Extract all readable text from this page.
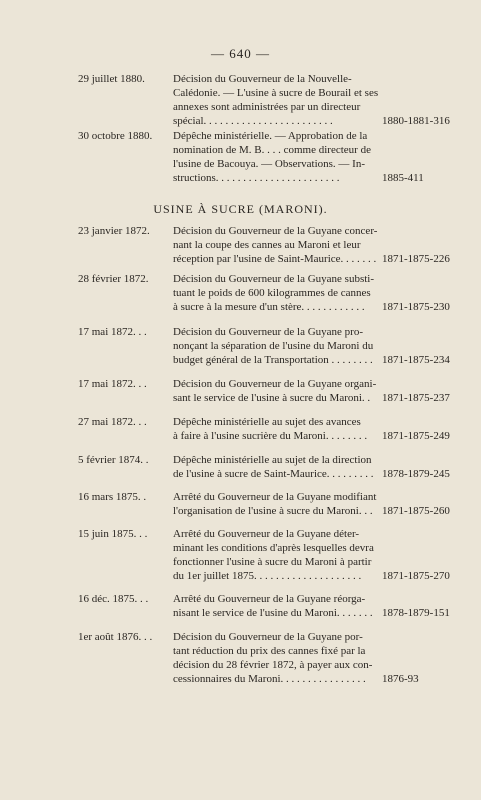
— 640 —
29 juillet 1880.	Décision du Gouverneur de la Nouvelle-
Calédonie. — L'usine à sucre de Bourail et ses
annexes sont administrées par un directeur
spécial. . . . . . . . . . . . . . . . . . . . . . . .	1880-1881-316
30 octobre 1880.	Dépêche ministérielle. — Approbation de la
nomination de M. B. . . . comme directeur de
l'usine de Bacouya. — Observations. — In-
structions. . . . . . . . . . . . . . . . . . . . . . .	1885-411
USINE À SUCRE (MARONI).
23 janvier 1872.	Décision du Gouverneur de la Guyane concer-
nant la coupe des cannes au Maroni et leur
réception par l'usine de Saint-Maurice. . . . . . . 1871-1875-226
28 février 1872.	Décision du Gouverneur de la Guyane substi-
tuant le poids de 600 kilogrammes de cannes
à sucre à la mesure d'un stère. . . . . . . . . . . .	1871-1875-230
17 mai 1872. . .	Décision du Gouverneur de la Guyane pro-
nonçant la séparation de l'usine du Maroni du
budget général de la Transportation . . . . . . . . 1871-1875-234
17 mai 1872. . .	Décision du Gouverneur de la Guyane organi-
sant le service de l'usine à sucre du Maroni. .	1871-1875-237
27 mai 1872. . .	Dépêche ministérielle au sujet des avances
à faire à l'usine sucrière du Maroni. . . . . . . .	1871-1875-249
5 février 1874. .	Dépêche ministérielle au sujet de la direction
de l'usine à sucre de Saint-Maurice. . . . . . . . . 1878-1879-245
16 mars 1875. .	Arrêté du Gouverneur de la Guyane modifiant
l'organisation de l'usine à sucre du Maroni. . . 1871-1875-260
15 juin 1875. . .	Arrêté du Gouverneur de la Guyane déter-
minant les conditions d'après lesquelles devra
fonctionner l'usine à sucre du Maroni à partir
du 1er juillet 1875. . . . . . . . . . . . . . . . . . . .	1871-1875-270
16 déc. 1875. . .	Arrêté du Gouverneur de la Guyane réorga-
nisant le service de l'usine du Maroni. . . . . . . 1878-1879-151
1er août 1876. . .	Décision du Gouverneur de la Guyane por-
tant réduction du prix des cannes fixé par la
décision du 28 février 1872, à payer aux con-
cessionnaires du Maroni. . . . . . . . . . . . . . . .	1876-93
